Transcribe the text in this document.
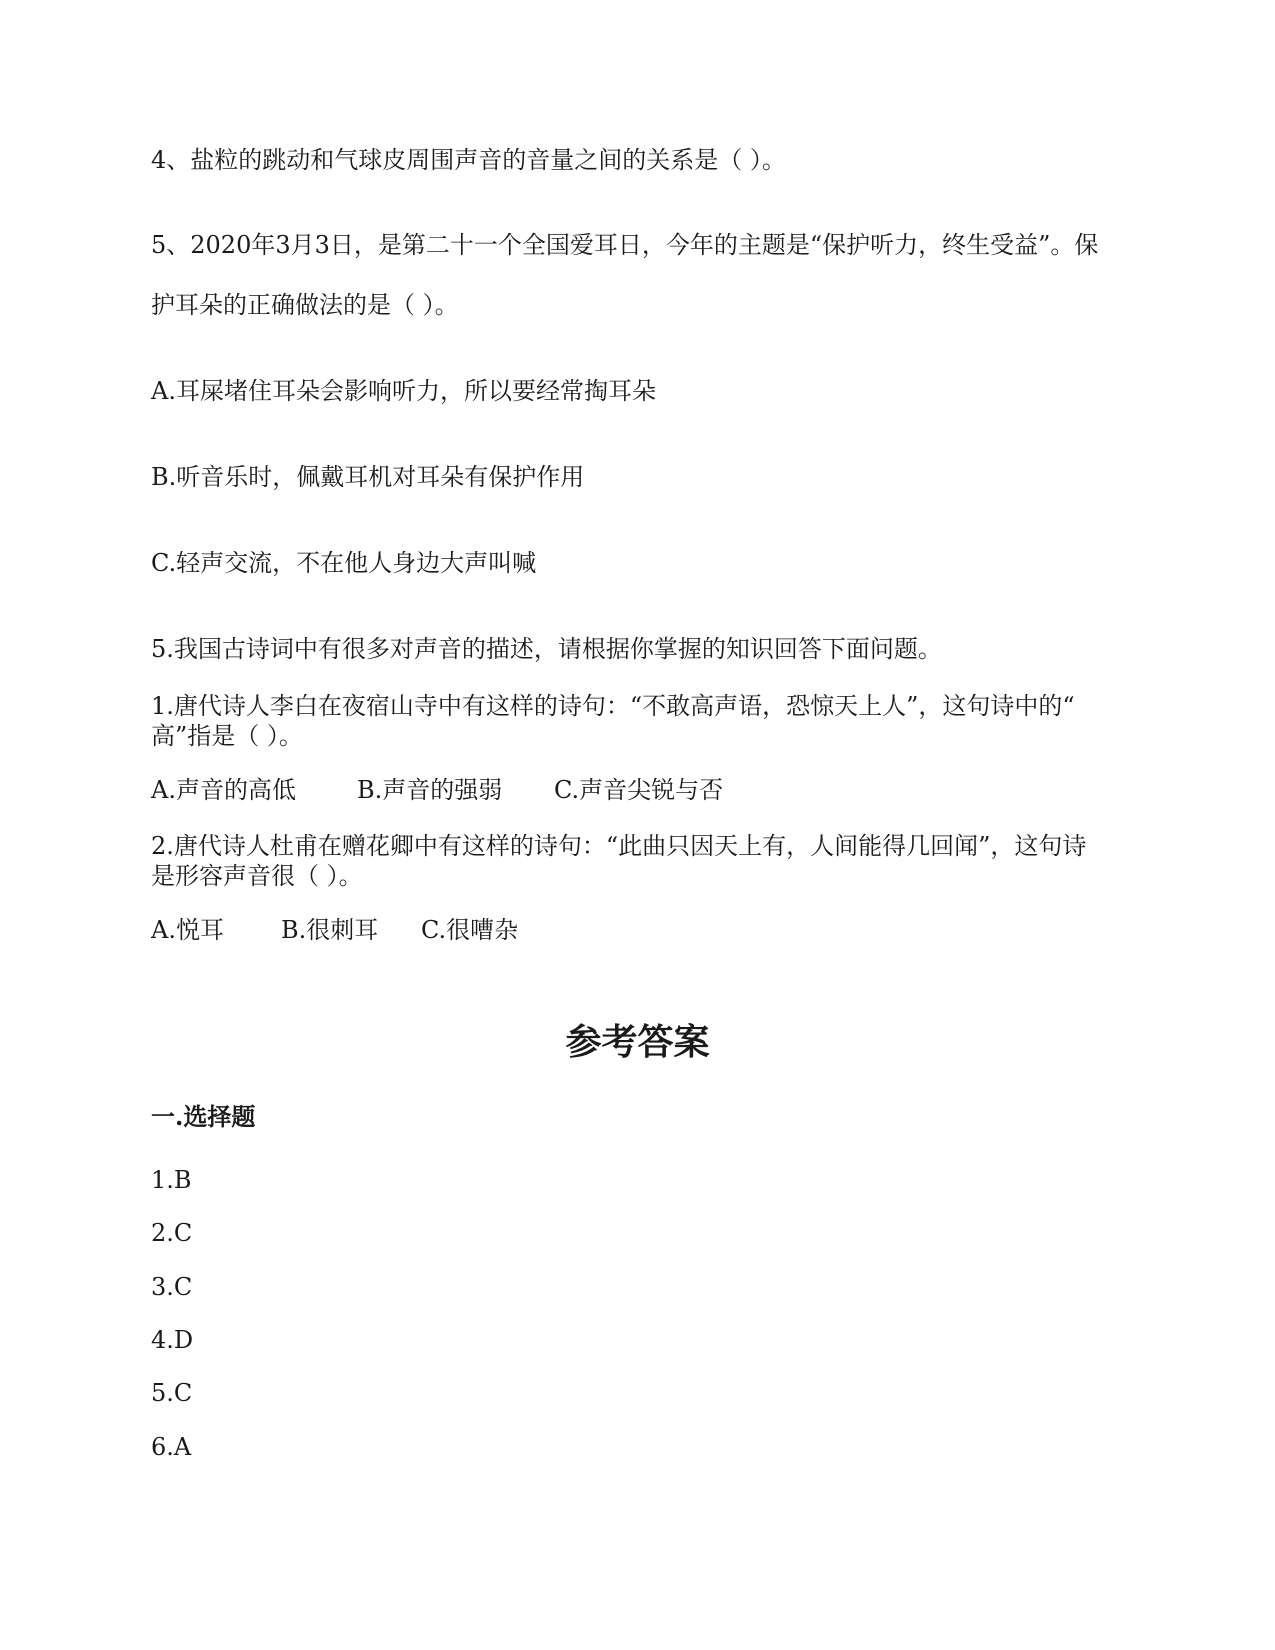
4、盐粒的跳动和气球皮周围声音的音量之间的关系是（ ）。
5、2020年3月3日，是第二十一个全国爱耳日，今年的主题是“保护听力，终生受益”。保
护耳朵的正确做法的是（ ）。
A.耳屎堵住耳朵会影响听力，所以要经常掏耳朵
B.听音乐时，佩戴耳机对耳朵有保护作用
C.轻声交流，不在他人身边大声叫喊
5.我国古诗词中有很多对声音的描述，请根据你掌握的知识回答下面问题。
1.唐代诗人李白在夜宿山寺中有这样的诗句：“不敢高声语，恐惊天上人”，这句诗中的“
高”指是（ ）。
A.声音的高低	B.声音的强弱 C.声音尖锐与否
2.唐代诗人杜甫在赠花卿中有这样的诗句：“此曲只因天上有，人间能得几回闻”，这句诗
是形容声音很（ ）。
A.悦耳 B.很刺耳 C.很嘈杂
参考答案
一.选择题
1.B
2.C
3.C
4.D
5.C
6.A
